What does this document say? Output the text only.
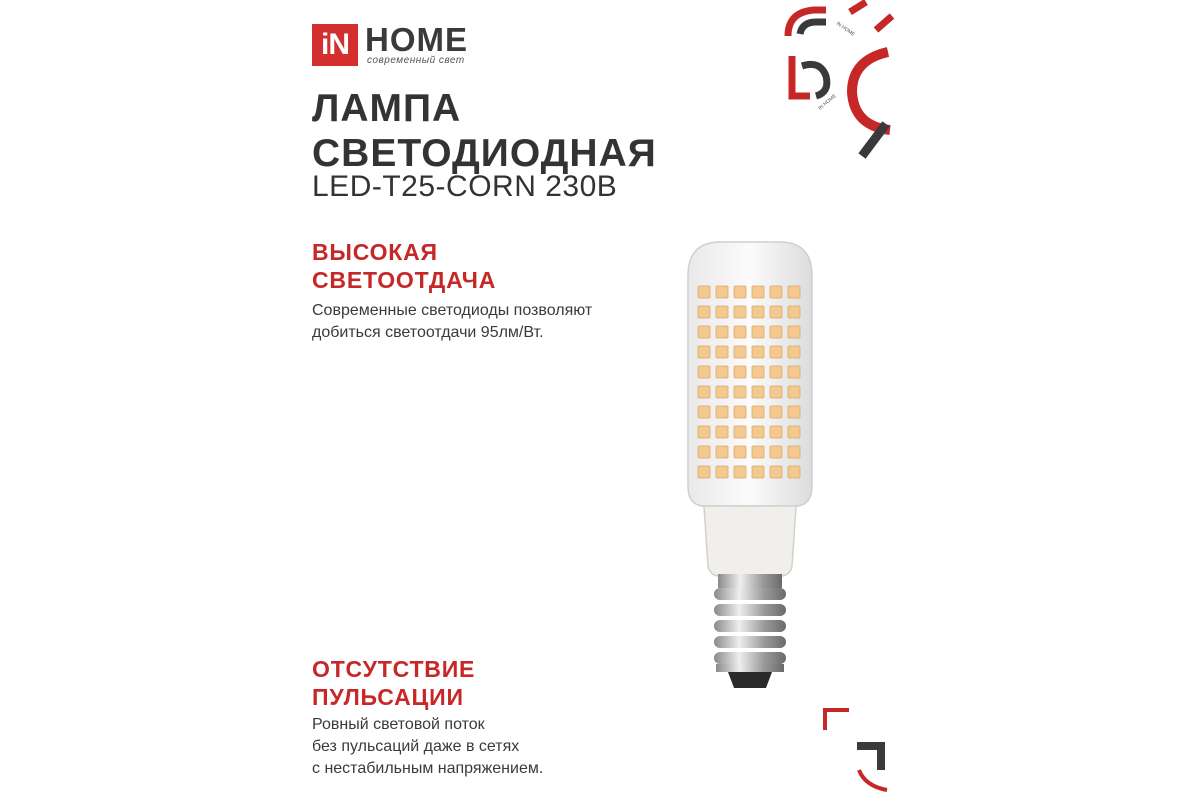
iN HOME
современный свет
ЛАМПА
СВЕТОДИОДНАЯ
LED-T25-CORN 230В
ВЫСОКАЯ
СВЕТООТДАЧА
Современные светодиоды позволяют
добиться светоотдачи 95лм/Вт.
ОТСУТСТВИЕ
ПУЛЬСАЦИИ
Ровный световой поток
без пульсаций даже в сетях
с нестабильным напряжением.
IN HOME
IN HOME
